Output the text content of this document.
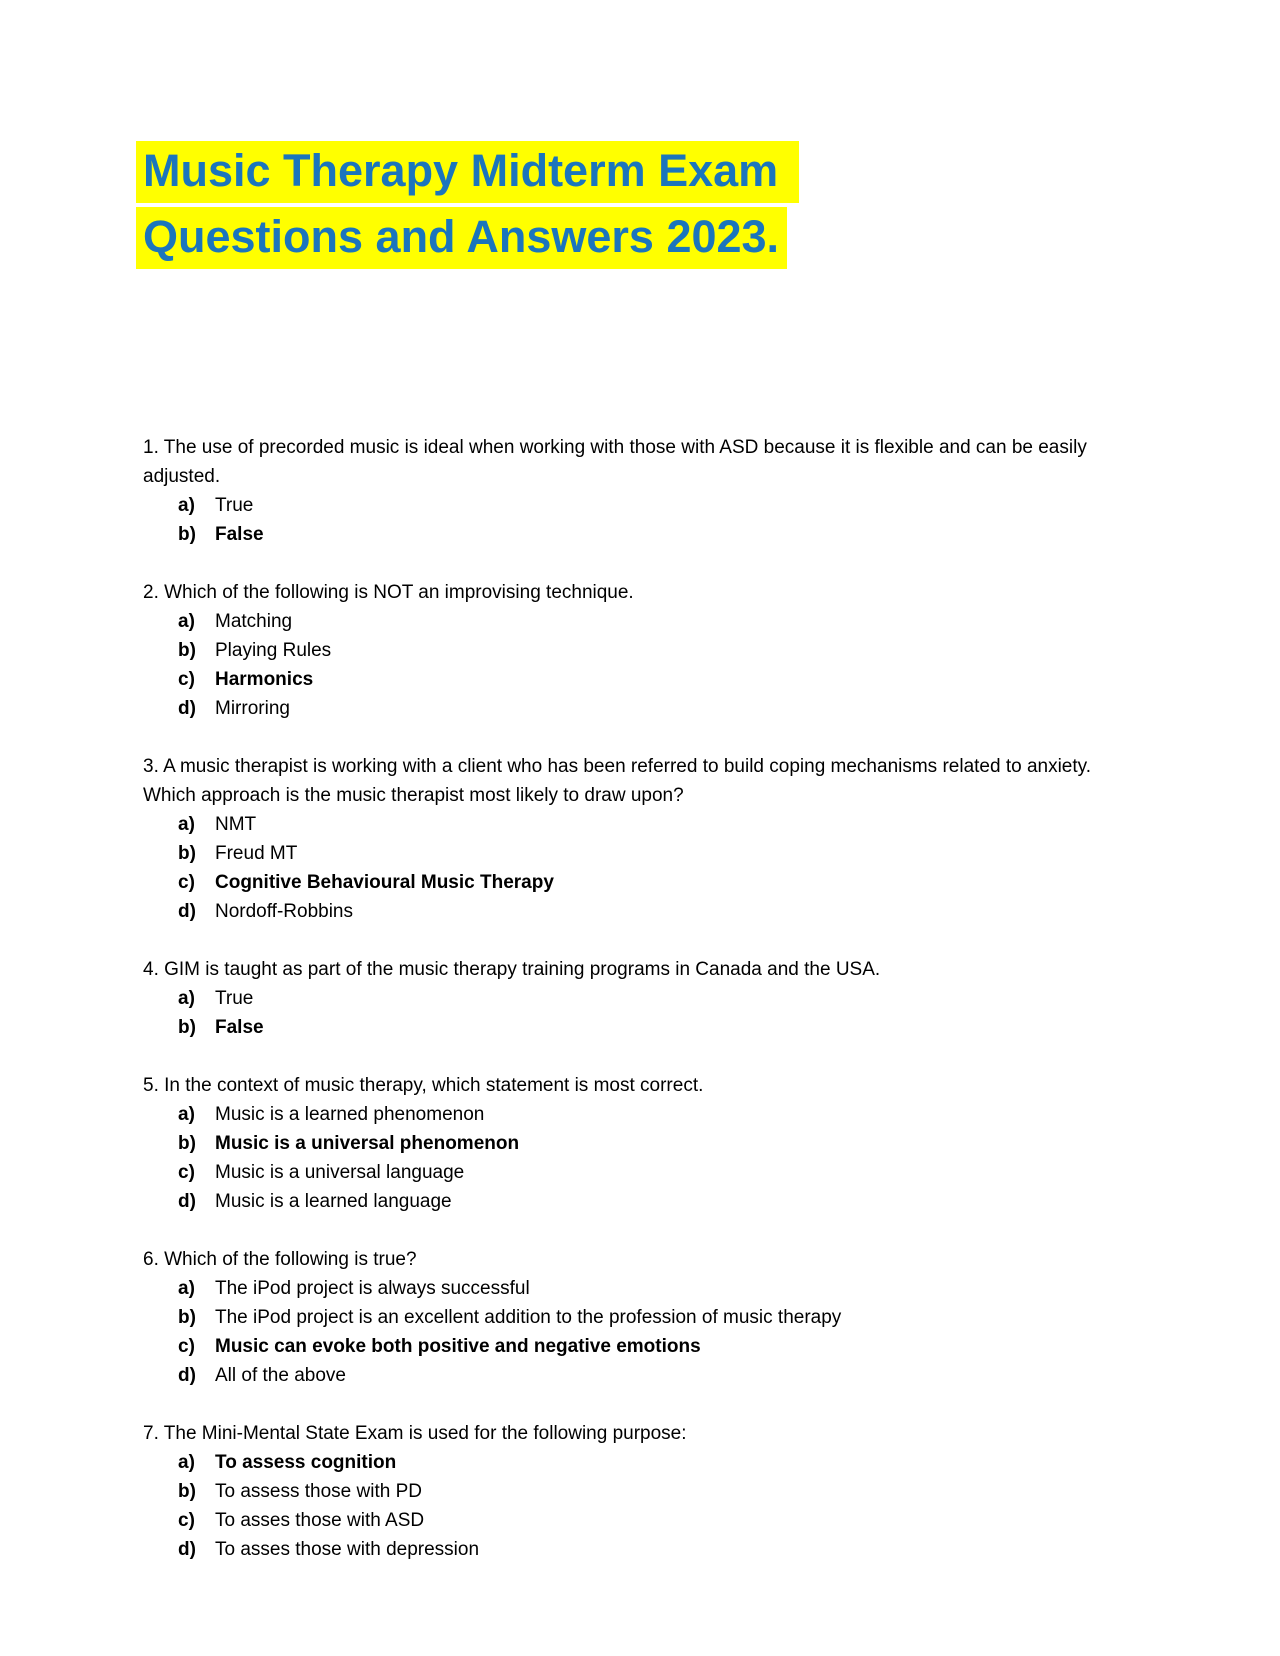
Music Therapy Midterm Exam
Questions and Answers 2023.

1. The use of precorded music is ideal when working with those with ASD because it is flexible and can be easily adjusted.

a)	True
b)	False

2. Which of the following is NOT an improvising technique.

a)	Matching
b)	Playing Rules
c)	Harmonics
d)	Mirroring

3. A music therapist is working with a client who has been referred to build coping mechanisms related to anxiety. Which approach is the music therapist most likely to draw upon?

a)	NMT
b)	Freud MT
c)	Cognitive Behavioural Music Therapy
d)	Nordoff-Robbins

4. GIM is taught as part of the music therapy training programs in Canada and the USA.

a)	True
b)	False

5. In the context of music therapy, which statement is most correct.

a)	Music is a learned phenomenon
b)	Music is a universal phenomenon
c)	Music is a universal language
d)	Music is a learned language

6. Which of the following is true?

a)	The iPod project is always successful
b)	The iPod project is an excellent addition to the profession of music therapy
c)	Music can evoke both positive and negative emotions
d)	All of the above

7. The Mini-Mental State Exam is used for the following purpose:

a)	To assess cognition
b)	To assess those with PD
c)	To asses those with ASD
d)	To asses those with depression
